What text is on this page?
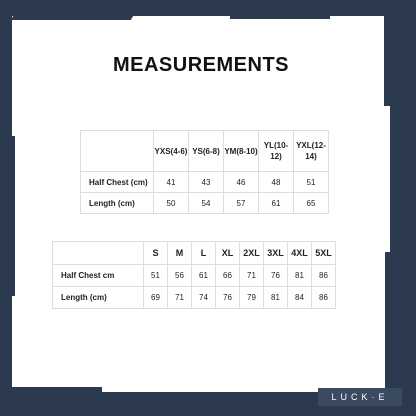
MEASUREMENTS
	YXS(4-6)	YS(6-8)	YM(8-10)	YL(10-12)	YXL(12-14)
Half Chest (cm)	41	43	46	48	51
Length (cm)	50	54	57	61	65
	S	M	L	XL	2XL	3XL	4XL	5XL
Half Chest cm	51	56	61	66	71	76	81	86
Length (cm)	69	71	74	76	79	81	84	86
LUCK·E
